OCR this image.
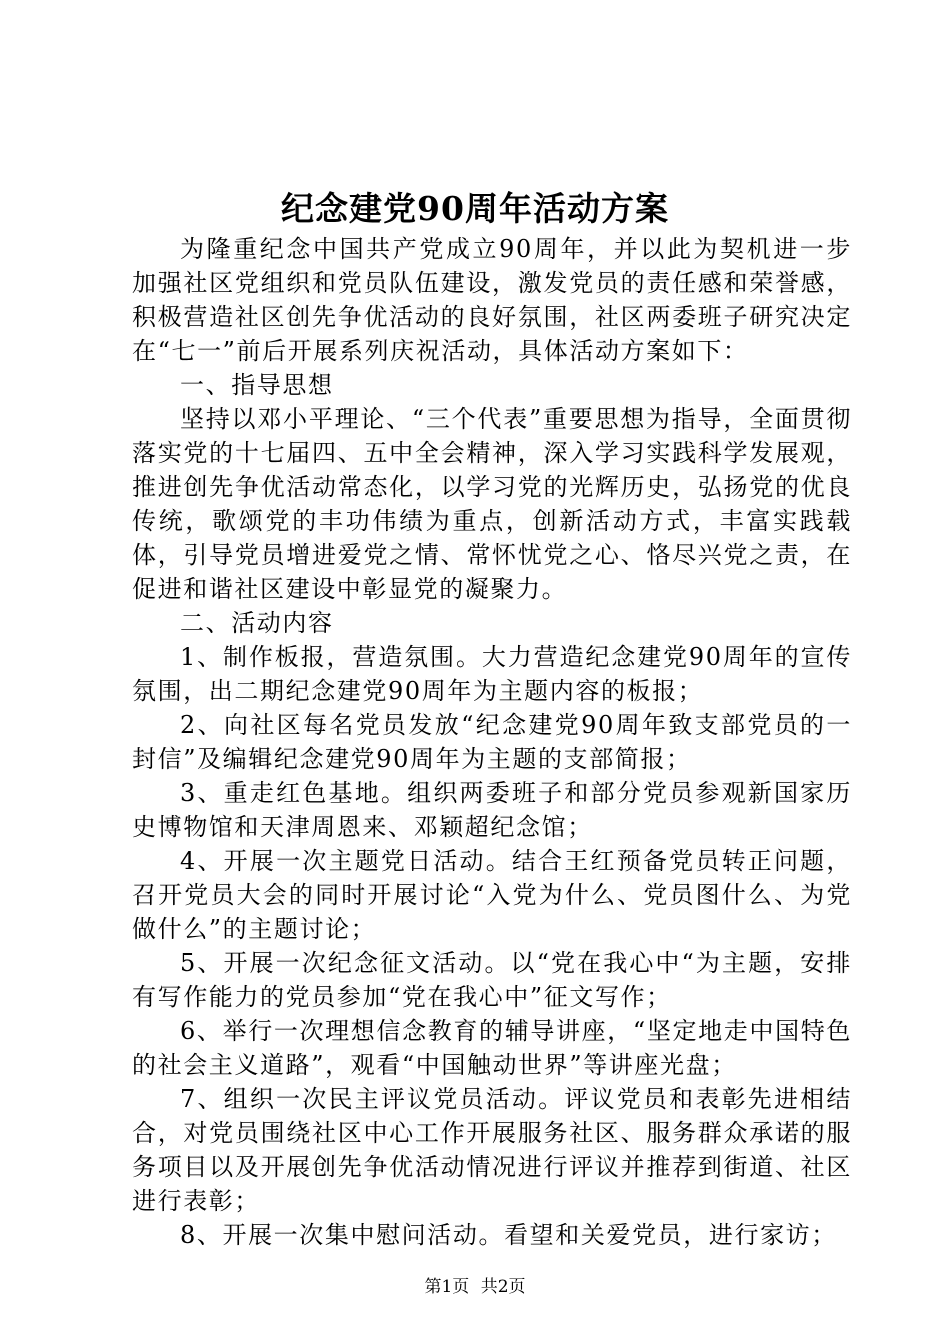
纪念建党90周年活动方案

为隆重纪念中国共产党成立90周年，并以此为契机进一步加强社区党组织和党员队伍建设，激发党员的责任感和荣誉感，积极营造社区创先争优活动的良好氛围，社区两委班子研究决定在“七一”前后开展系列庆祝活动，具体活动方案如下：

一、指导思想

坚持以邓小平理论、“三个代表”重要思想为指导，全面贯彻落实党的十七届四、五中全会精神，深入学习实践科学发展观，推进创先争优活动常态化，以学习党的光辉历史，弘扬党的优良传统，歌颂党的丰功伟绩为重点，创新活动方式，丰富实践载体，引导党员增进爱党之情、常怀忧党之心、恪尽兴党之责，在促进和谐社区建设中彰显党的凝聚力。

二、活动内容

1、制作板报，营造氛围。大力营造纪念建党90周年的宣传氛围，出二期纪念建党90周年为主题内容的板报；

2、向社区每名党员发放“纪念建党90周年致支部党员的一封信”及编辑纪念建党90周年为主题的支部简报；

3、重走红色基地。组织两委班子和部分党员参观新国家历史博物馆和天津周恩来、邓颖超纪念馆；

4、开展一次主题党日活动。结合王红预备党员转正问题，召开党员大会的同时开展讨论“入党为什么、党员图什么、为党做什么”的主题讨论；

5、开展一次纪念征文活动。以“党在我心中“为主题，安排有写作能力的党员参加“党在我心中”征文写作；

6、举行一次理想信念教育的辅导讲座，“坚定地走中国特色的社会主义道路”，观看“中国触动世界”等讲座光盘；

7、组织一次民主评议党员活动。评议党员和表彰先进相结合，对党员围绕社区中心工作开展服务社区、服务群众承诺的服务项目以及开展创先争优活动情况进行评议并推荐到街道、社区进行表彰；

8、开展一次集中慰问活动。看望和关爱党员，进行家访；

第1页 共2页
